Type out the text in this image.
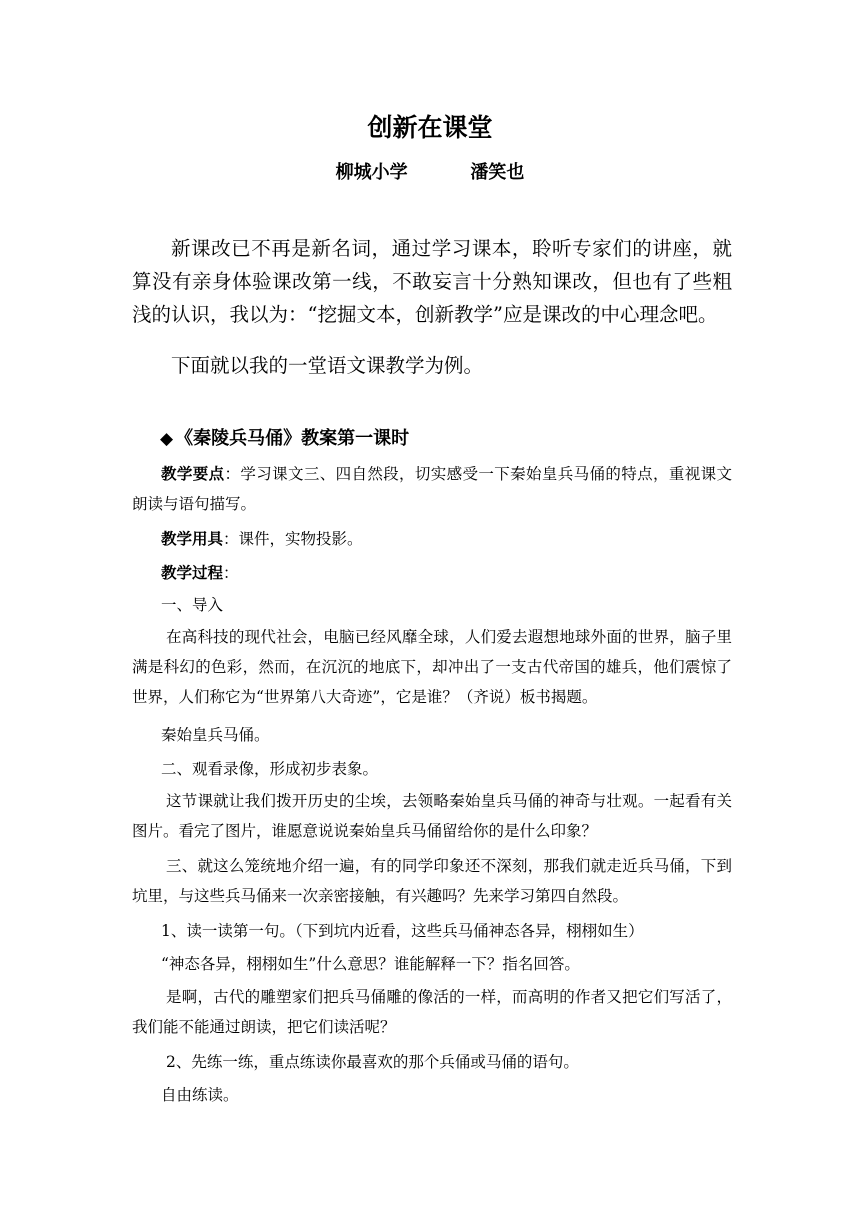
创新在课堂
柳城小学	潘笑也

新课改已不再是新名词，通过学习课本，聆听专家们的讲座，就算没有亲身体验课改第一线，不敢妄言十分熟知课改，但也有了些粗浅的认识，我以为：“挖掘文本，创新教学”应是课改的中心理念吧。

下面就以我的一堂语文课教学为例。

◆ 《秦陵兵马俑》教案第一课时

教学要点：学习课文三、四自然段，切实感受一下秦始皇兵马俑的特点，重视课文朗读与语句描写。

教学用具：课件，实物投影。

教学过程：

一、导入

在高科技的现代社会，电脑已经风靡全球，人们爱去遐想地球外面的世界，脑子里满是科幻的色彩，然而，在沉沉的地底下，却冲出了一支古代帝国的雄兵，他们震惊了世界，人们称它为“世界第八大奇迹”，它是谁？（齐说）板书揭题。

秦始皇兵马俑。

二、观看录像，形成初步表象。

这节课就让我们拨开历史的尘埃，去领略秦始皇兵马俑的神奇与壮观。一起看有关图片。看完了图片，谁愿意说说秦始皇兵马俑留给你的是什么印象？

三、就这么笼统地介绍一遍，有的同学印象还不深刻，那我们就走近兵马俑，下到坑里，与这些兵马俑来一次亲密接触，有兴趣吗？先来学习第四自然段。

1、读一读第一句。（下到坑内近看，这些兵马俑神态各异，栩栩如生）

“神态各异，栩栩如生”什么意思？谁能解释一下？指名回答。

是啊，古代的雕塑家们把兵马俑雕的像活的一样，而高明的作者又把它们写活了，我们能不能通过朗读，把它们读活呢？

2、先练一练，重点练读你最喜欢的那个兵俑或马俑的语句。

自由练读。
